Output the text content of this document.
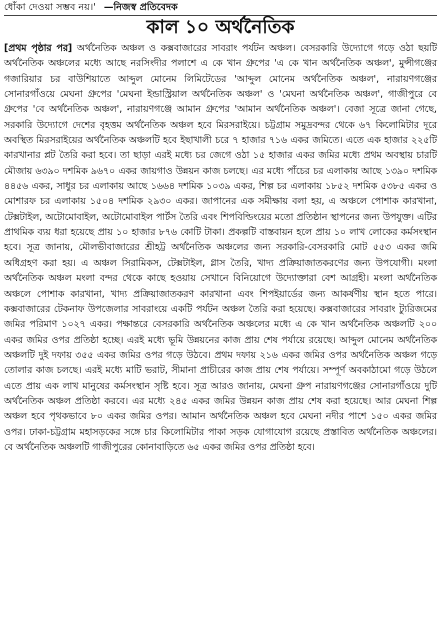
ধোঁকা দেওয়া সম্ভব নয়।' —নিজস্ব প্রতিবেদক
কাল ১০ অর্থনৈতিক

[প্রথম পৃষ্ঠার পর] অর্থনৈতিক অঞ্চল ও কক্সবাজারের সাবরাং পর্যটন অঞ্চল। বেসরকারি উদ্যোগে গড়ে ওঠা ছয়টি অর্থনৈতিক অঞ্চলের মধ্যে আছে নরসিংদীর পলাশে এ কে খান গ্রুপের 'এ কে খান অর্থনৈতিক অঞ্চল', মুন্সীগঞ্জের গজারিয়ার চর বাউশিয়াতে আব্দুল মোনেম লিমিটেডের 'আব্দুল মোনেম অর্থনৈতিক অঞ্চল', নারায়ণগঞ্জের সোনারগাঁওয়ে মেঘনা গ্রুপের 'মেঘনা ইন্ডাস্ট্রিয়াল অর্থনৈতিক অঞ্চল' ও 'মেঘনা অর্থনৈতিক অঞ্চল', গাজীপুরে বে গ্রুপের 'বে অর্থনৈতিক অঞ্চল', নারায়ণগঞ্জে আমান গ্রুপের 'আমান অর্থনৈতিক অঞ্চল'। বেজা সূত্রে জানা গেছে, সরকারি উদ্যোগে দেশের বৃহত্তম অর্থনৈতিক অঞ্চল হবে মিরসরাইয়ে। চট্টগ্রাম সমুদ্রবন্দর থেকে ৬৭ কিলোমিটার দূরে অবস্থিত মিরসরাইয়ের অর্থনৈতিক অঞ্চলটি হবে ইছাখালী চরে ৭ হাজার ৭১৬ একর জমিতে। এতে এক হাজার ২২৫টি কারখানার প্লট তৈরি করা হবে। তা ছাড়া এরই মধ্যে চর জেগে ওঠা ১৫ হাজার একর জমির মধ্যে প্রথম অবস্থায় চারটি মৌজায় ৬৩৯০ দশমিক ৯৬৭০ একর জায়গাও উন্নয়ন কাজ চলছে। এর মধ্যে পাঁচের চর এলাকায় আছে ১৩৯০ দশমিক ৪৪৫৬ একর, সাধুর চর এলাকায় আছে ১৬৬৪ দশমিক ১০৩৯ একর, শিল্প চর এলাকায় ১৮৫২ দশমিক ৫৩৮৫ একর ও মোশারফ চর এলাকায় ১৫০৪ দশমিক ২৯৩০ একর। জাপানের এক সমীক্ষায় বলা হয়, এ অঞ্চলে পোশাক কারখানা, টেক্সটাইল, অটোমোবাইল, অটোমোবাইল পার্টস তৈরি এবং শিপবিল্ডিংয়ের মতো প্রতিষ্ঠান স্থাপনের জন্য উপযুক্ত। এটির প্রাথমিক ব্যয় ধরা হয়েছে প্রায় ১০ হাজার ৮৭৬ কোটি টাকা। প্রকল্পটি বাস্তবায়ন হলে প্রায় ১০ লাখ লোকের কর্মসংস্থান হবে। সূত্র জানায়, মৌলভীবাজারের শ্রীহট্ট অর্থনৈতিক অঞ্চলের জন্য সরকারি-বেসরকারি মোট ৫৫৩ একর জমি অধিগ্রহণ করা হয়। এ অঞ্চল সিরামিকস, টেক্সটাইল, গ্লাস তৈরি, খাদ্য প্রক্রিয়াজাতকরণের জন্য উপযোগী। মংলা অর্থনৈতিক অঞ্চল মংলা বন্দর থেকে কাছে হওয়ায় সেখানে বিনিয়োগে উদ্যোক্তারা বেশ আগ্রহী। মংলা অর্থনৈতিক অঞ্চলে পোশাক কারখানা, খাদ্য প্রক্রিয়াজাতকরণ কারখানা এবং শিপইয়ার্ডের জন্য আকর্ষণীয় স্থান হতে পারে। কক্সবাজারের টেকনাফ উপজেলার সাবরাংয়ে একটি পর্যটন অঞ্চল তৈরি করা হয়েছে। কক্সবাজারের সাবরাং ট্যুরিজমের জমির পরিমাণ ১০২৭ একর। পক্ষান্তরে বেসরকারি অর্থনৈতিক অঞ্চলের মধ্যে এ কে খান অর্থনৈতিক অঞ্চলটি ২০০ একর জমির ওপর প্রতিষ্ঠা হচ্ছে। এরই মধ্যে ভূমি উন্নয়নের কাজ প্রায় শেষ পর্যায়ে রয়েছে। আব্দুল মোনেম অর্থনৈতিক অঞ্চলটি দুই দফায় ৩৫৫ একর জমির ওপর গড়ে উঠবে। প্রথম দফায় ২১৬ একর জমির ওপর অর্থনৈতিক অঞ্চল গড়ে তোলার কাজ চলছে। এরই মধ্যে মাটি ভরাট, সীমানা প্রাচীরের কাজ প্রায় শেষ পর্যায়ে। সম্পূর্ণ অবকাঠামো গড়ে উঠলে এতে প্রায় এক লাখ মানুষের কর্মসংস্থান সৃষ্টি হবে। সূত্র আরও জানায়, মেঘনা গ্রুপ নারায়ণগঞ্জের সোনারগাঁওয়ে দুটি অর্থনৈতিক অঞ্চল প্রতিষ্ঠা করবে। এর মধ্যে ২৪৫ একর জমির উন্নয়ন কাজ প্রায় শেষ করা হয়েছে। আর মেঘনা শিল্প অঞ্চল হবে পৃথকভাবে ৮০ একর জমির ওপর। আমান অর্থনৈতিক অঞ্চল হবে মেঘনা নদীর পাশে ১৫০ একর জমির ওপর। ঢাকা-চট্টগ্রাম মহাসড়কের সঙ্গে চার কিলোমিটার পাকা সড়ক যোগাযোগ রয়েছে প্রস্তাবিত অর্থনৈতিক অঞ্চলের। বে অর্থনৈতিক অঞ্চলটি গাজীপুরের কোনাবাড়িতে ৬৫ একর জমির ওপর প্রতিষ্ঠা হবে।
